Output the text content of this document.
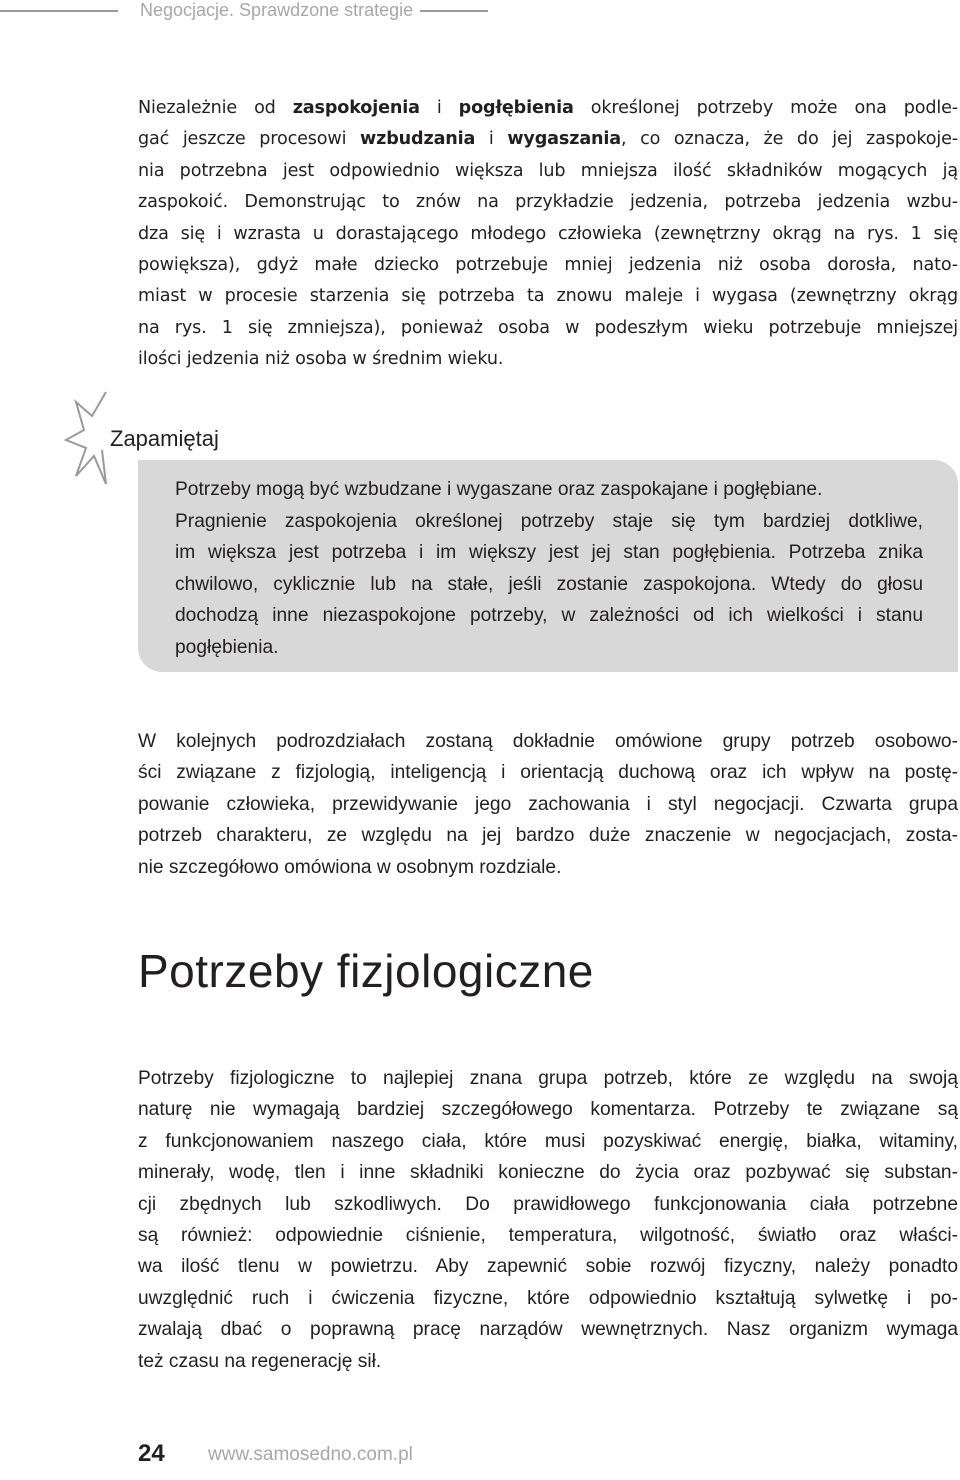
Negocjacje. Sprawdzone strategie
Niezależnie od zaspokojenia i pogłębienia określonej potrzeby może ona podle-
gać jeszcze procesowi wzbudzania i wygaszania, co oznacza, że do jej zaspokoje-
nia potrzebna jest odpowiednio większa lub mniejsza ilość składników mogących ją
zaspokoić. Demonstrując to znów na przykładzie jedzenia, potrzeba jedzenia wzbu-
dza się i wzrasta u dorastającego młodego człowieka (zewnętrzny okrąg na rys. 1 się
powiększa), gdyż małe dziecko potrzebuje mniej jedzenia niż osoba dorosła, nato-
miast w procesie starzenia się potrzeba ta znowu maleje i wygasa (zewnętrzny okrąg
na rys. 1 się zmniejsza), ponieważ osoba w podeszłym wieku potrzebuje mniejszej
ilości jedzenia niż osoba w średnim wieku.
Zapamiętaj
Potrzeby mogą być wzbudzane i wygaszane oraz zaspokajane i pogłębiane.
Pragnienie zaspokojenia określonej potrzeby staje się tym bardziej dotkliwe,
im większa jest potrzeba i im większy jest jej stan pogłębienia. Potrzeba znika
chwilowo, cyklicznie lub na stałe, jeśli zostanie zaspokojona. Wtedy do głosu
dochodzą inne niezaspokojone potrzeby, w zależności od ich wielkości i stanu
pogłębienia.
W kolejnych podrozdziałach zostaną dokładnie omówione grupy potrzeb osobowo-
ści związane z fizjologią, inteligencją i orientacją duchową oraz ich wpływ na postę-
powanie człowieka, przewidywanie jego zachowania i styl negocjacji. Czwarta grupa
potrzeb charakteru, ze względu na jej bardzo duże znaczenie w negocjacjach, zosta-
nie szczegółowo omówiona w osobnym rozdziale.
Potrzeby fizjologiczne
Potrzeby fizjologiczne to najlepiej znana grupa potrzeb, które ze względu na swoją
naturę nie wymagają bardziej szczegółowego komentarza. Potrzeby te związane są
z funkcjonowaniem naszego ciała, które musi pozyskiwać energię, białka, witaminy,
minerały, wodę, tlen i inne składniki konieczne do życia oraz pozbywać się substan-
cji zbędnych lub szkodliwych. Do prawidłowego funkcjonowania ciała potrzebne
są również: odpowiednie ciśnienie, temperatura, wilgotność, światło oraz właści-
wa ilość tlenu w powietrzu. Aby zapewnić sobie rozwój fizyczny, należy ponadto
uwzględnić ruch i ćwiczenia fizyczne, które odpowiednio kształtują sylwetkę i po-
zwalają dbać o poprawną pracę narządów wewnętrznych. Nasz organizm wymaga
też czasu na regenerację sił.
24 www.samosedno.com.pl
